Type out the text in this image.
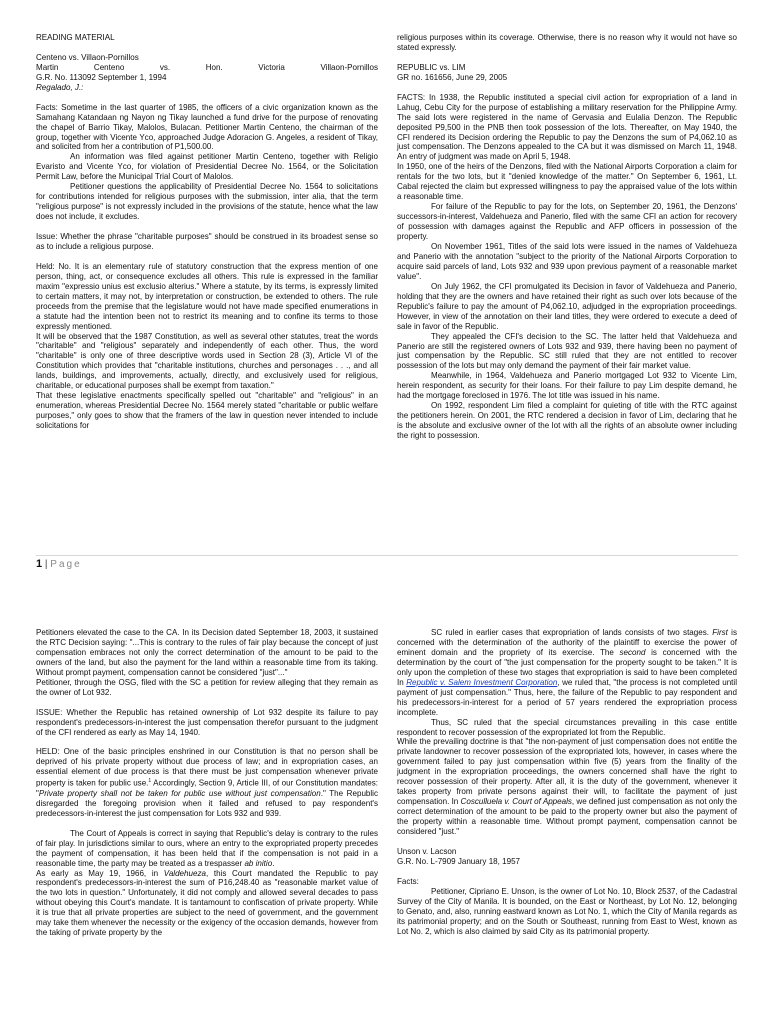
READING MATERIAL

Centeno vs. Villaon-Pornillos

Martin	Centeno	vs.	Hon.	Victoria	Villaon-Pornillos

G.R. No. 113092 September 1, 1994

Regalado, J.:

Facts: Sometime in the last quarter of 1985, the officers of a civic organization known as the Samahang Katandaan ng Nayon ng Tikay launched a fund drive for the purpose of renovating the chapel of Barrio Tikay, Malolos, Bulacan. Petitioner Martin Centeno, the chairman of the group, together with Vicente Yco, approached Judge Adoracion G. Angeles, a resident of Tikay, and solicited from her a contribution of P1,500.00.

An information was filed against petitioner Martin Centeno, together with Religio Evaristo and Vicente Yco, for violation of Presidential Decree No. 1564, or the Solicitation Permit Law, before the Municipal Trial Court of Malolos.

Petitioner questions the applicability of Presidential Decree No. 1564 to solicitations for contributions intended for religious purposes with the submission, inter alia, that the term "religious purpose" is not expressly included in the provisions of the statute, hence what the law does not include, it excludes.

Issue: Whether the phrase "charitable purposes" should be construed in its broadest sense so as to include a religious purpose.

Held: No. It is an elementary rule of statutory construction that the express mention of one person, thing, act, or consequence excludes all others. This rule is expressed in the familiar maxim "expressio unius est exclusio alterius." Where a statute, by its terms, is expressly limited to certain matters, it may not, by interpretation or construction, be extended to others. The rule proceeds from the premise that the legislature would not have made specified enumerations in a statute had the intention been not to restrict its meaning and to confine its terms to those expressly mentioned.

It will be observed that the 1987 Constitution, as well as several other statutes, treat the words "charitable" and "religious" separately and independently of each other. Thus, the word "charitable" is only one of three descriptive words used in Section 28 (3), Article VI of the Constitution which provides that "charitable institutions, churches and personages . . ., and all lands, buildings, and improvements, actually, directly, and exclusively used for religious, charitable, or educational purposes shall be exempt from taxation."

That these legislative enactments specifically spelled out "charitable" and "religious" in an enumeration, whereas Presidential Decree No. 1564 merely stated "charitable or public welfare purposes," only goes to show that the framers of the law in question never intended to include solicitations for

religious purposes within its coverage. Otherwise, there is no reason why it would not have so stated expressly.

REPUBLIC vs. LIM

GR no. 161656, June 29, 2005

FACTS: In 1938, the Republic instituted a special civil action for expropriation of a land in Lahug, Cebu City for the purpose of establishing a military reservation for the Philippine Army. The said lots were registered in the name of Gervasia and Eulalia Denzon. The Republic deposited P9,500 in the PNB then took possession of the lots. Thereafter, on May 1940, the CFI rendered its Decision ordering the Republic to pay the Denzons the sum of P4,062.10 as just compensation. The Denzons appealed to the CA but it was dismissed on March 11, 1948. An entry of judgment was made on April 5, 1948.

In 1950, one of the heirs of the Denzons, filed with the National Airports Corporation a claim for rentals for the two lots, but it "denied knowledge of the matter." On September 6, 1961, Lt. Cabal rejected the claim but expressed willingness to pay the appraised value of the lots within a reasonable time.

For failure of the Republic to pay for the lots, on September 20, 1961, the Denzons' successors-in-interest, Valdehueza and Panerio, filed with the same CFI an action for recovery of possession with damages against the Republic and AFP officers in possession of the property.

On November 1961, Titles of the said lots were issued in the names of Valdehueza and Panerio with the annotation "subject to the priority of the National Airports Corporation to acquire said parcels of land, Lots 932 and 939 upon previous payment of a reasonable market value".

On July 1962, the CFI promulgated its Decision in favor of Valdehueza and Panerio, holding that they are the owners and have retained their right as such over lots because of the Republic's failure to pay the amount of P4,062.10, adjudged in the expropriation proceedings. However, in view of the annotation on their land titles, they were ordered to execute a deed of sale in favor of the Republic.

They appealed the CFI's decision to the SC. The latter held that Valdehueza and Panerio are still the registered owners of Lots 932 and 939, there having been no payment of just compensation by the Republic. SC still ruled that they are not entitled to recover possession of the lots but may only demand the payment of their fair market value.

Meanwhile, in 1964, Valdehueza and Panerio mortgaged Lot 932 to Vicente Lim, herein respondent, as security for their loans. For their failure to pay Lim despite demand, he had the mortgage foreclosed in 1976. The lot title was issued in his name.

On 1992, respondent Lim filed a complaint for quieting of title with the RTC against the petitioners herein. On 2001, the RTC rendered a decision in favor of Lim, declaring that he is the absolute and exclusive owner of the lot with all the rights of an absolute owner including the right to possession.

1 | Page

Petitioners elevated the case to the CA. In its Decision dated September 18, 2003, it sustained the RTC Decision saying: "...This is contrary to the rules of fair play because the concept of just compensation embraces not only the correct determination of the amount to be paid to the owners of the land, but also the payment for the land within a reasonable time from its taking. Without prompt payment, compensation cannot be considered "just"..."

Petitioner, through the OSG, filed with the SC a petition for review alleging that they remain as the owner of Lot 932.

ISSUE: Whether the Republic has retained ownership of Lot 932 despite its failure to pay respondent's predecessors-in-interest the just compensation therefor pursuant to the judgment of the CFI rendered as early as May 14, 1940.

HELD: One of the basic principles enshrined in our Constitution is that no person shall be deprived of his private property without due process of law; and in expropriation cases, an essential element of due process is that there must be just compensation whenever private property is taken for public use.$^1$ Accordingly, Section 9, Article III, of our Constitution mandates: "Private property shall not be taken for public use without just compensation." The Republic disregarded the foregoing provision when it failed and refused to pay respondent's predecessors-in-interest the just compensation for Lots 932 and 939.

The Court of Appeals is correct in saying that Republic's delay is contrary to the rules of fair play. In jurisdictions similar to ours, where an entry to the expropriated property precedes the payment of compensation, it has been held that if the compensation is not paid in a reasonable time, the party may be treated as a trespasser ab initio.

As early as May 19, 1966, in Valdehueza, this Court mandated the Republic to pay respondent's predecessors-in-interest the sum of P16,248.40 as "reasonable market value of the two lots in question." Unfortunately, it did not comply and allowed several decades to pass without obeying this Court's mandate. It is tantamount to confiscation of private property. While it is true that all private properties are subject to the need of government, and the government may take them whenever the necessity or the exigency of the occasion demands, however from the taking of private property by the

SC ruled in earlier cases that expropriation of lands consists of two stages. First is concerned with the determination of the authority of the plaintiff to exercise the power of eminent domain and the propriety of its exercise. The second is concerned with the determination by the court of "the just compensation for the property sought to be taken." It is only upon the completion of these two stages that expropriation is said to have been completed In Republic v. Salem Investment Corporation, we ruled that, "the process is not completed until payment of just compensation." Thus, here, the failure of the Republic to pay respondent and his predecessors-in-interest for a period of 57 years rendered the expropriation process incomplete.

Thus, SC ruled that the special circumstances prevailing in this case entitle respondent to recover possession of the expropriated lot from the Republic.

While the prevailing doctrine is that "the non-payment of just compensation does not entitle the private landowner to recover possession of the expropriated lots, however, in cases where the government failed to pay just compensation within five (5) years from the finality of the judgment in the expropriation proceedings, the owners concerned shall have the right to recover possession of their property. After all, it is the duty of the government, whenever it takes property from private persons against their will, to facilitate the payment of just compensation. In Cosculluela v. Court of Appeals, we defined just compensation as not only the correct determination of the amount to be paid to the property owner but also the payment of the property within a reasonable time. Without prompt payment, compensation cannot be considered "just."

Unson v. Lacson

G.R. No. L-7909 January 18, 1957

Facts:

Petitioner, Cipriano E. Unson, is the owner of Lot No. 10, Block 2537, of the Cadastral Survey of the City of Manila. It is bounded, on the East or Northeast, by Lot No. 12, belonging to Genato, and, also, running eastward known as Lot No. 1, which the City of Manila regards as its patrimonial property; and on the South or Southeast, running from East to West, known as Lot No. 2, which is also claimed by said City as its patrimonial property.
